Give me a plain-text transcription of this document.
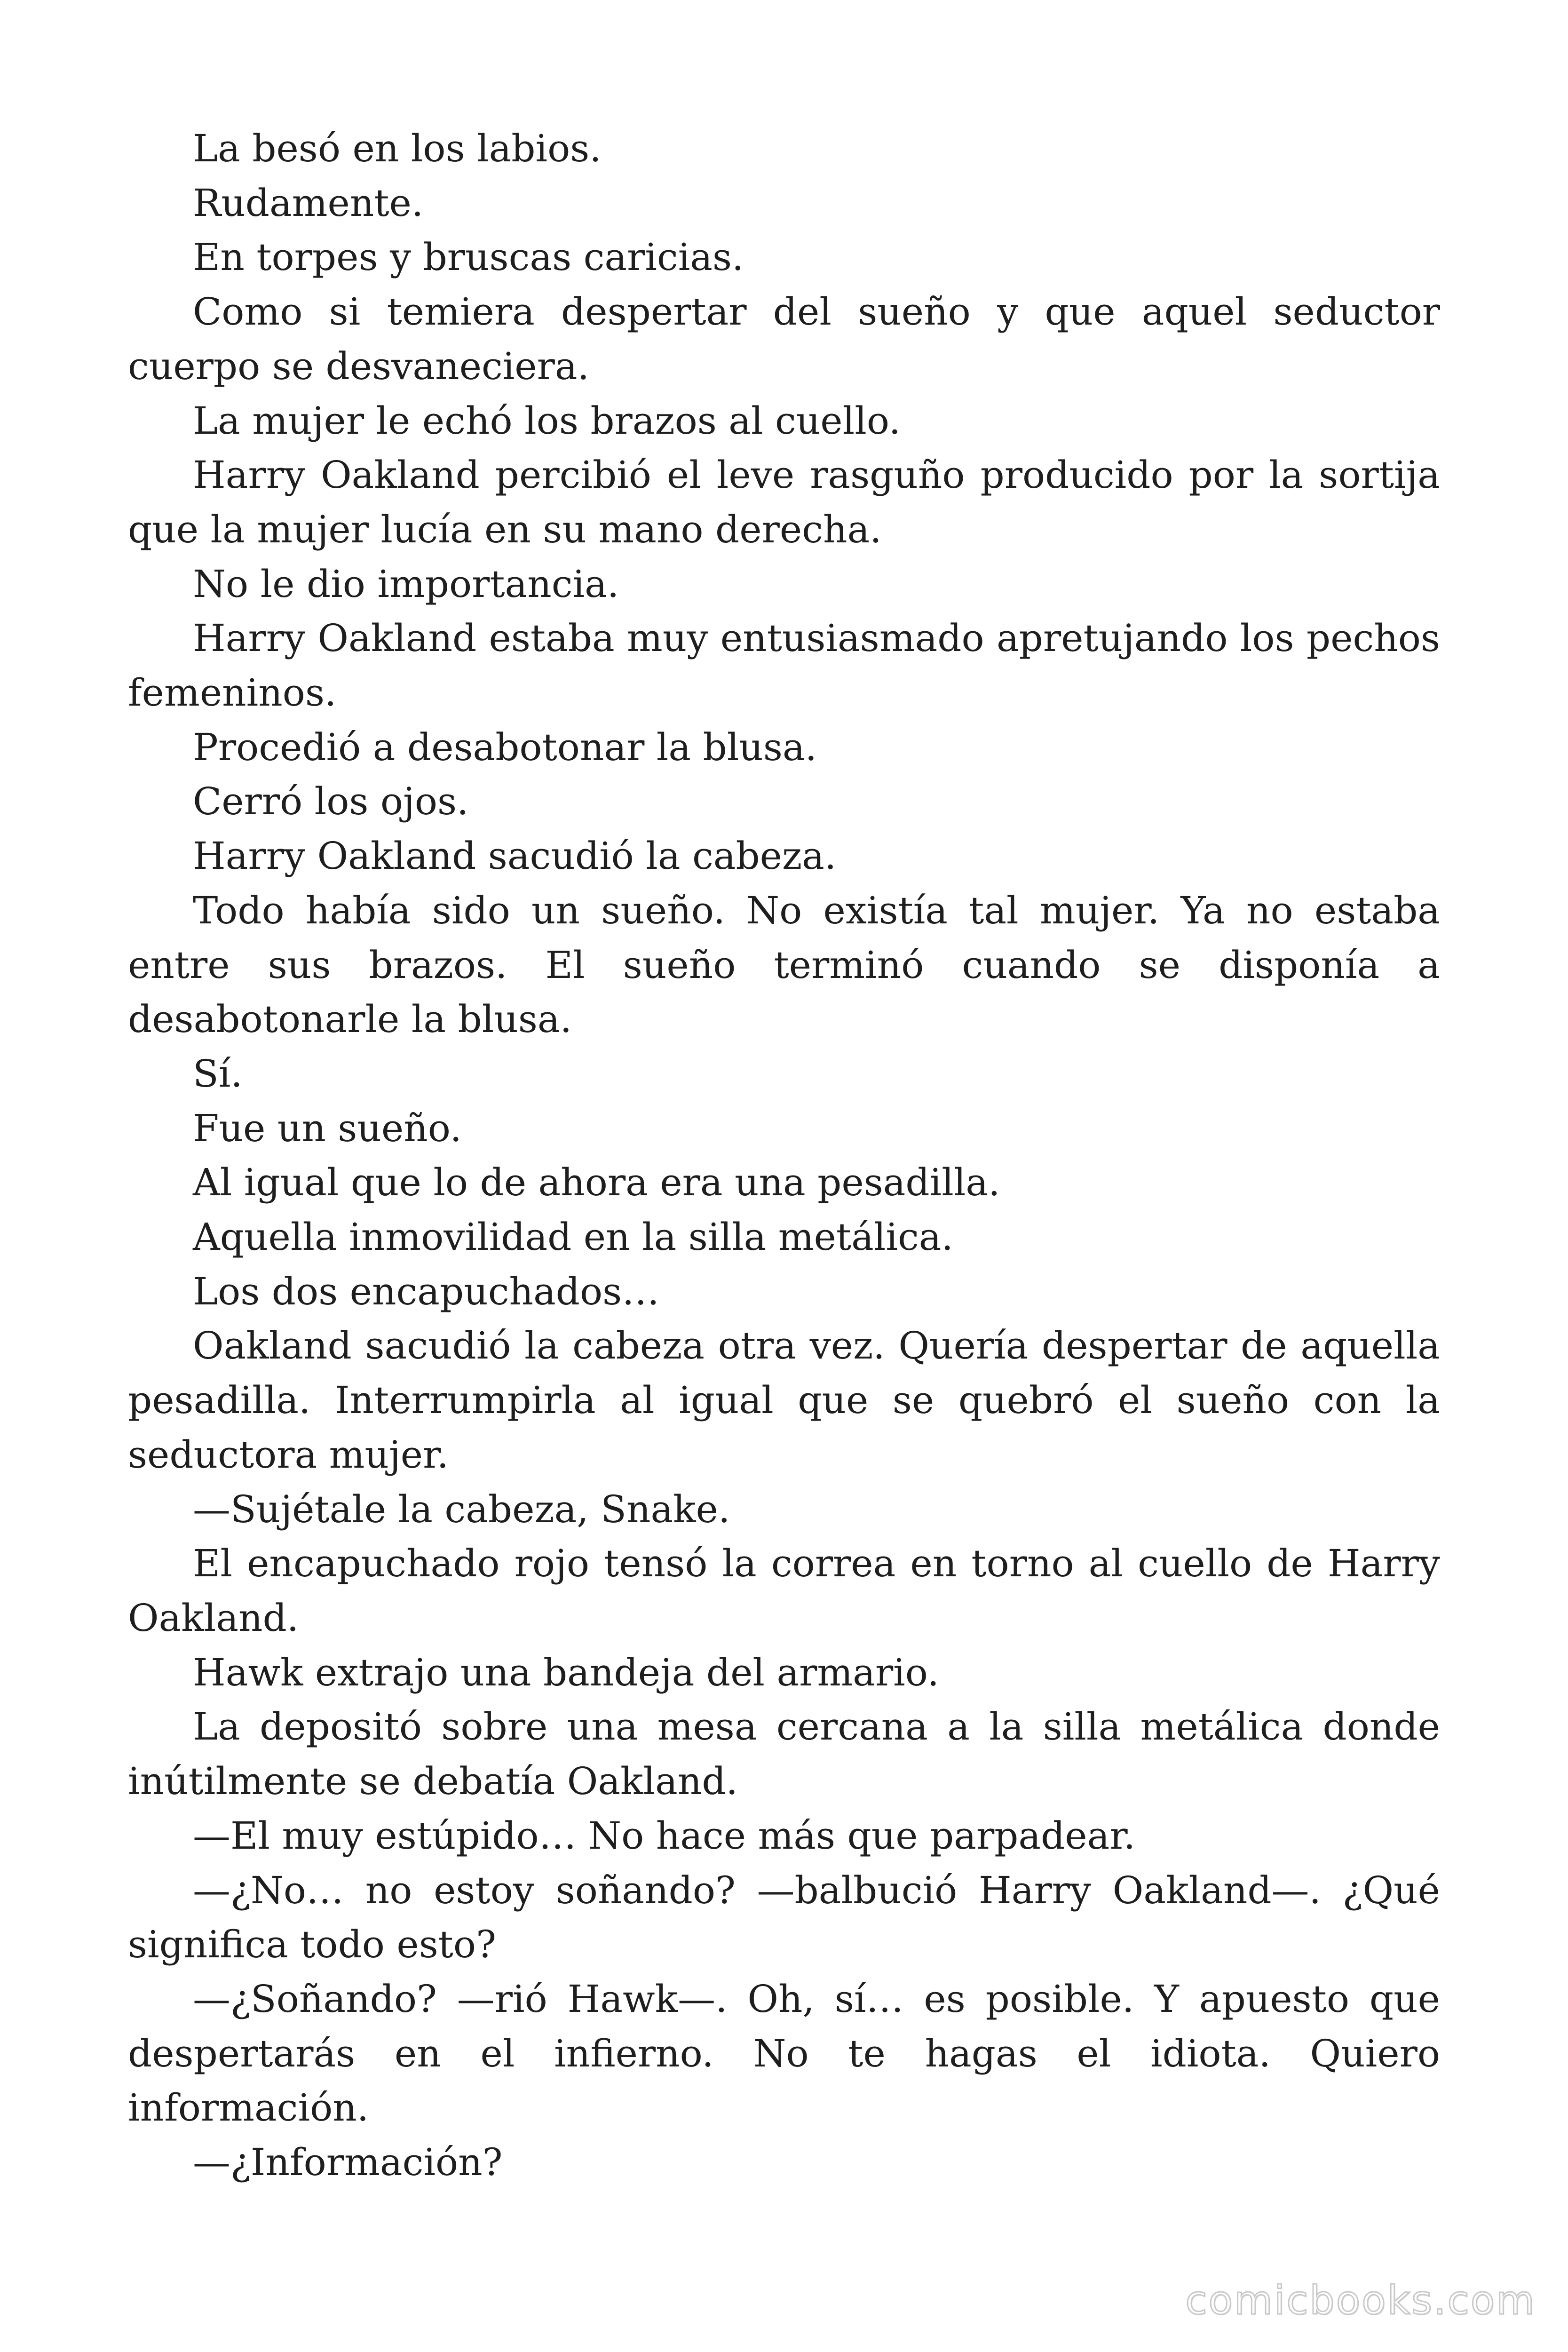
La besó en los labios.

Rudamente.

En torpes y bruscas caricias.

Como si temiera despertar del sueño y que aquel seductor cuerpo se desvaneciera.

La mujer le echó los brazos al cuello.

Harry Oakland percibió el leve rasguño producido por la sortija que la mujer lucía en su mano derecha.

No le dio importancia.

Harry Oakland estaba muy entusiasmado apretujando los pechos femeninos.

Procedió a desabotonar la blusa.

Cerró los ojos.

Harry Oakland sacudió la cabeza.

Todo había sido un sueño. No existía tal mujer. Ya no estaba entre sus brazos. El sueño terminó cuando se disponía a desabotonarle la blusa.

Sí.

Fue un sueño.

Al igual que lo de ahora era una pesadilla.

Aquella inmovilidad en la silla metálica.

Los dos encapuchados…

Oakland sacudió la cabeza otra vez. Quería despertar de aquella pesadilla. Interrumpirla al igual que se quebró el sueño con la seductora mujer.

—Sujétale la cabeza, Snake.

El encapuchado rojo tensó la correa en torno al cuello de Harry Oakland.

Hawk extrajo una bandeja del armario.

La depositó sobre una mesa cercana a la silla metálica donde inútilmente se debatía Oakland.

—El muy estúpido… No hace más que parpadear.

—¿No… no estoy soñando? —balbució Harry Oakland—. ¿Qué significa todo esto?

—¿Soñando? —rió Hawk—. Oh, sí… es posible. Y apuesto que despertarás en el infierno. No te hagas el idiota. Quiero información.

—¿Información?

comicbooks.com
